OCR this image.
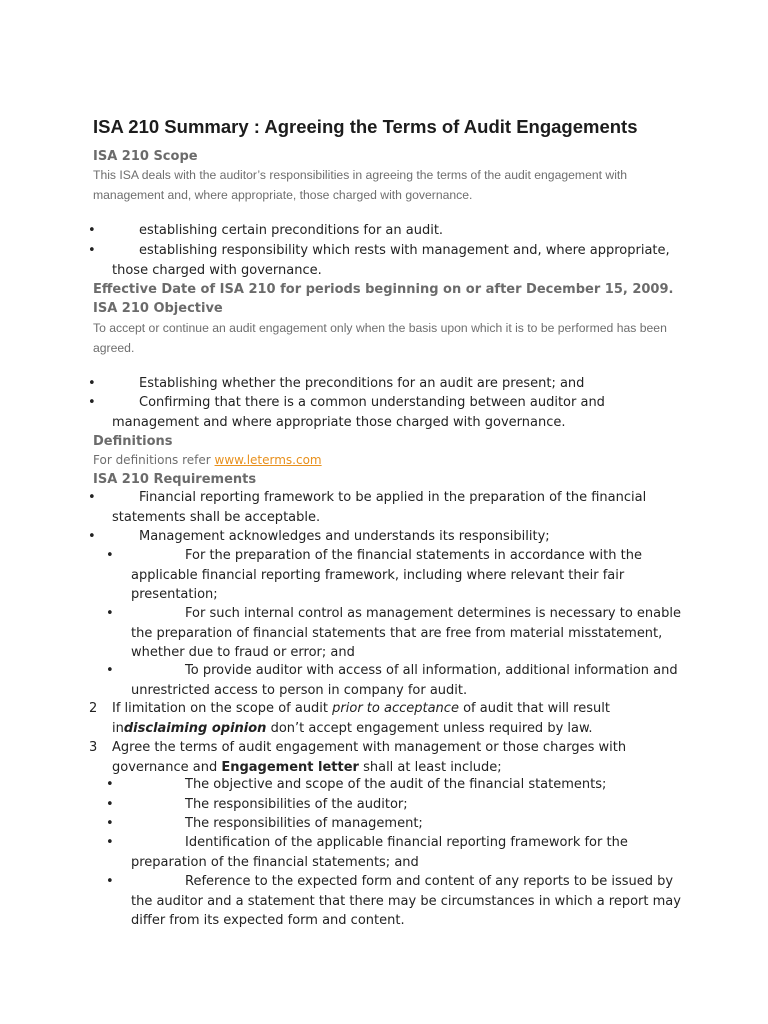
ISA 210 Summary : Agreeing the Terms of Audit Engagements
ISA 210 Scope

This ISA deals with the auditor’s responsibilities in agreeing the terms of the audit engagement with management and, where appropriate, those charged with governance.

•	establishing certain preconditions for an audit.
•	establishing responsibility which rests with management and, where appropriate, those charged with governance.

Effective Date of ISA 210 for periods beginning on or after December 15, 2009.

ISA 210 Objective

To accept or continue an audit engagement only when the basis upon which it is to be performed has been agreed.

•	Establishing whether the preconditions for an audit are present; and
•	Confirming that there is a common understanding between auditor and management and where appropriate those charged with governance.
Definitions

For definitions refer www.leterms.com

ISA 210 Requirements
•	Financial reporting framework to be applied in the preparation of the financial statements shall be acceptable.
•	Management acknowledges and understands its responsibility;
•	For the preparation of the financial statements in accordance with the applicable financial reporting framework, including where relevant their fair presentation;
•	For such internal control as management determines is necessary to enable the preparation of financial statements that are free from material misstatement, whether due to fraud or error; and
•	To provide auditor with access of all information, additional information and unrestricted access to person in company for audit.
2 If limitation on the scope of audit prior to acceptance of audit that will result indisclaiming opinion don’t accept engagement unless required by law.
3 Agree the terms of audit engagement with management or those charges with governance and Engagement letter shall at least include;
•	The objective and scope of the audit of the financial statements;
•	The responsibilities of the auditor;
•	The responsibilities of management;
•	Identification of the applicable financial reporting framework for the preparation of the financial statements; and
•	Reference to the expected form and content of any reports to be issued by the auditor and a statement that there may be circumstances in which a report may differ from its expected form and content.
